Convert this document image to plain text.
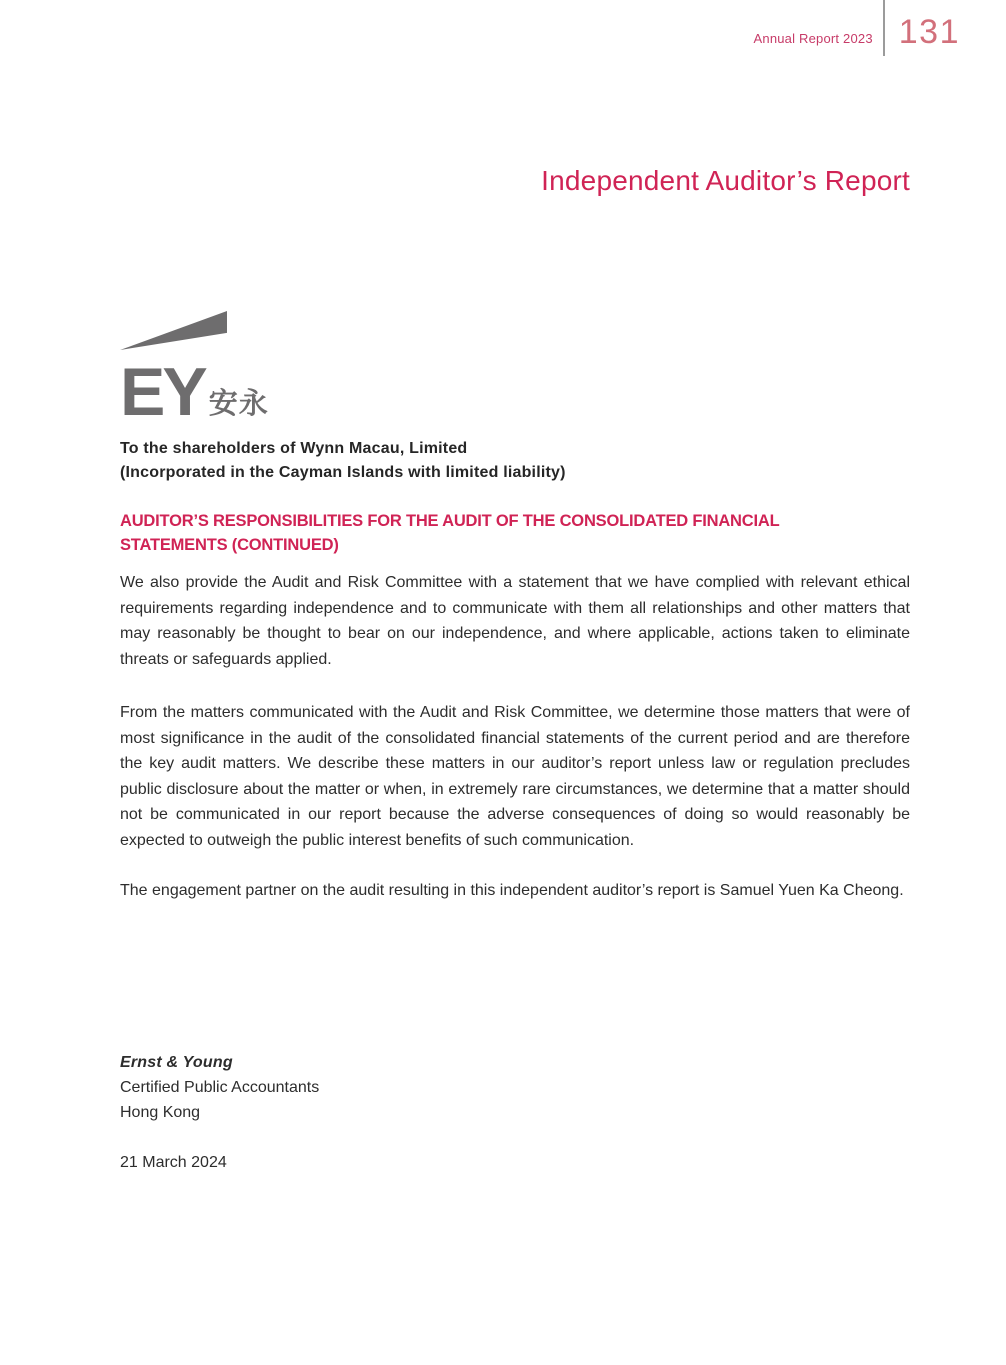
Annual Report 2023 131
Independent Auditor’s Report
EY 安永
To the shareholders of Wynn Macau, Limited
(Incorporated in the Cayman Islands with limited liability)
AUDITOR’S RESPONSIBILITIES FOR THE AUDIT OF THE CONSOLIDATED FINANCIAL
STATEMENTS (CONTINUED)

We also provide the Audit and Risk Committee with a statement that we have complied with relevant ethical requirements regarding independence and to communicate with them all relationships and other matters that may reasonably be thought to bear on our independence, and where applicable, actions taken to eliminate threats or safeguards applied.

From the matters communicated with the Audit and Risk Committee, we determine those matters that were of most significance in the audit of the consolidated financial statements of the current period and are therefore the key audit matters. We describe these matters in our auditor’s report unless law or regulation precludes public disclosure about the matter or when, in extremely rare circumstances, we determine that a matter should not be communicated in our report because the adverse consequences of doing so would reasonably be expected to outweigh the public interest benefits of such communication.

The engagement partner on the audit resulting in this independent auditor’s report is Samuel Yuen Ka Cheong.

Ernst & Young
Certified Public Accountants
Hong Kong
21 March 2024
